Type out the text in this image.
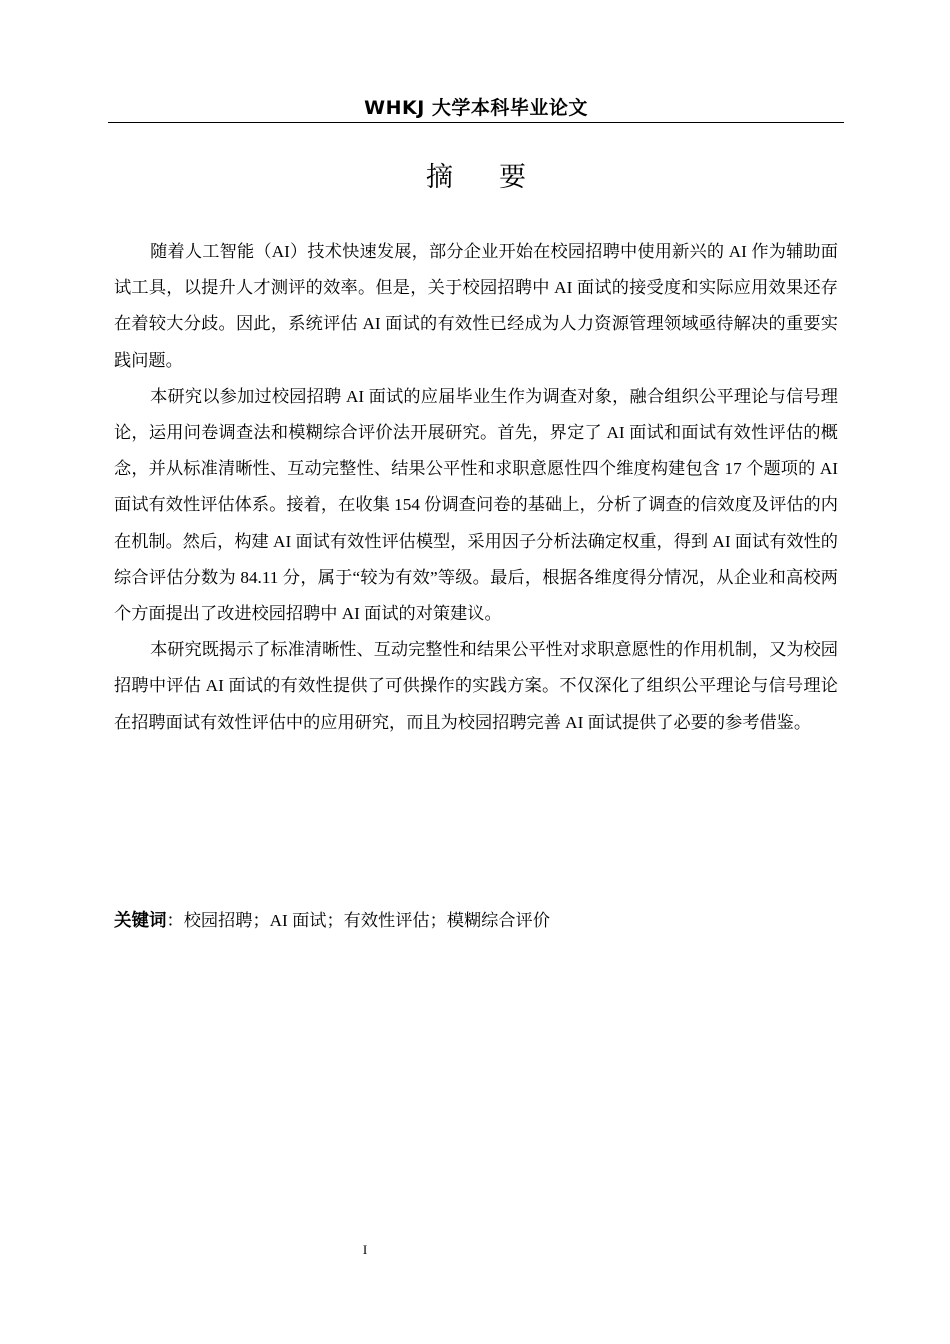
WHKJ 大学本科毕业论文
摘要

随着人工智能（AI）技术快速发展，部分企业开始在校园招聘中使用新兴的 AI 作为辅助面试工具，以提升人才测评的效率。但是，关于校园招聘中 AI 面试的接受度和实际应用效果还存在着较大分歧。因此，系统评估 AI 面试的有效性已经成为人力资源管理领域亟待解决的重要实践问题。

本研究以参加过校园招聘 AI 面试的应届毕业生作为调查对象，融合组织公平理论与信号理论，运用问卷调查法和模糊综合评价法开展研究。首先，界定了 AI 面试和面试有效性评估的概念，并从标准清晰性、互动完整性、结果公平性和求职意愿性四个维度构建包含 17 个题项的 AI 面试有效性评估体系。接着，在收集 154 份调查问卷的基础上，分析了调查的信效度及评估的内在机制。然后，构建 AI 面试有效性评估模型，采用因子分析法确定权重，得到 AI 面试有效性的综合评估分数为 84.11 分，属于“较为有效”等级。最后，根据各维度得分情况，从企业和高校两个方面提出了改进校园招聘中 AI 面试的对策建议。

本研究既揭示了标准清晰性、互动完整性和结果公平性对求职意愿性的作用机制，又为校园招聘中评估 AI 面试的有效性提供了可供操作的实践方案。不仅深化了组织公平理论与信号理论在招聘面试有效性评估中的应用研究，而且为校园招聘完善 AI 面试提供了必要的参考借鉴。

关键词：校园招聘；AI 面试；有效性评估；模糊综合评价
I
